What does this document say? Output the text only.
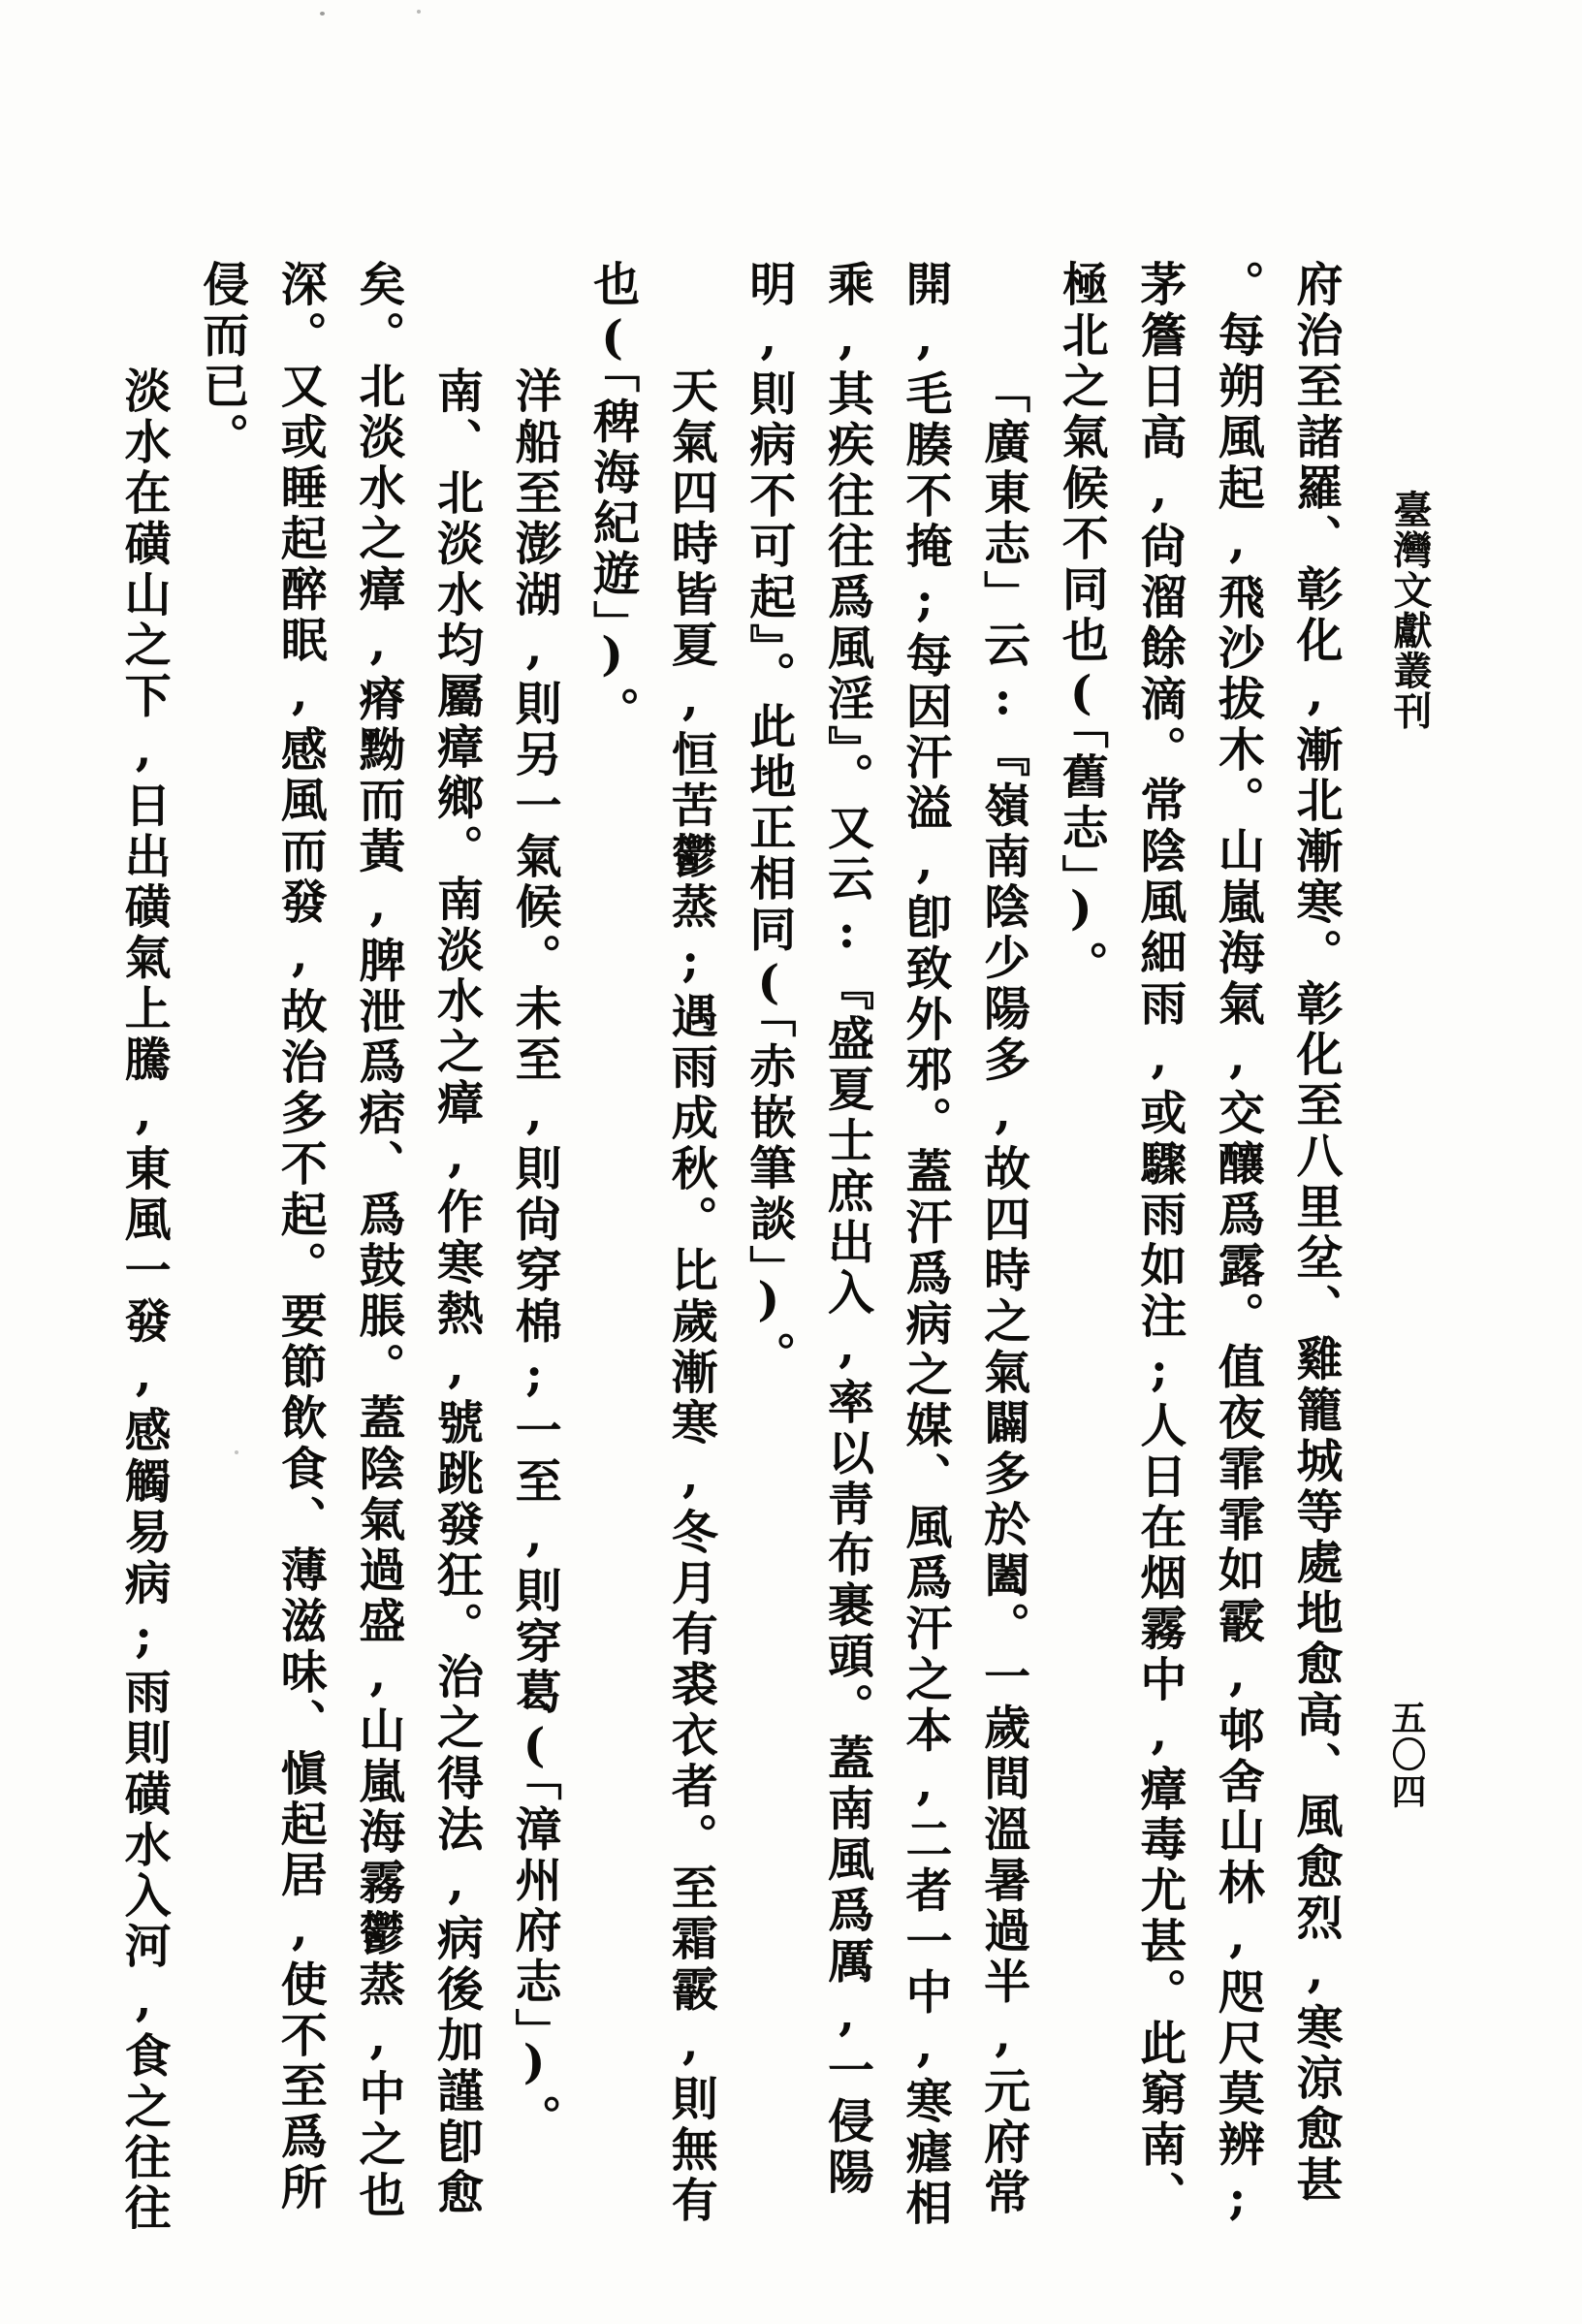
臺灣文獻叢刊
府治至諸羅、彰化,漸北漸寒。彰化至八里坌、雞籠城等處地愈高、風愈烈,寒涼愈甚
。每朔風起,飛沙拔木。山嵐海氣,交釀爲露。值夜霏霏如霰,邨舍山林,咫尺莫辨;
茅簷日高,尙溜餘滴。常陰風細雨,或驟雨如注;人日在烟霧中,瘴毒尤甚。此窮南、
極北之氣候不同也(「舊志」)。
「廣東志」云:『嶺南陰少陽多,故四時之氣闢多於闔。一歲間溫暑過半,元府常
開,毛腠不掩;每因汗溢,卽致外邪。蓋汗爲病之媒、風爲汗之本,二者一中,寒瘧相
乘,其疾往往爲風淫』。又云:『盛夏士庶出入,率以靑布裹頭。蓋南風爲厲,一侵陽
明,則病不可起』。此地正相同(「赤嵌筆談」)。
天氣四時皆夏,恒苦鬱蒸;遇雨成秋。比歲漸寒,冬月有裘衣者。至霜霰,則無有
也(「稗海紀遊」)。
洋船至澎湖,則另一氣候。未至,則尙穿棉;一至,則穿葛(「漳州府志」)。
南、北淡水均屬瘴鄉。南淡水之瘴,作寒熱,號跳發狂。治之得法,病後加謹卽愈
矣。北淡水之瘴,瘠黝而黃,脾泄爲痞、爲鼓脹。蓋陰氣過盛,山嵐海霧鬱蒸,中之也
深。又或睡起醉眠,感風而發,故治多不起。要節飲食、薄滋味、愼起居,使不至爲所
侵而已。
淡水在磺山之下,日出磺氣上騰,東風一發,感觸易病;雨則磺水入河,食之往往	五〇四
